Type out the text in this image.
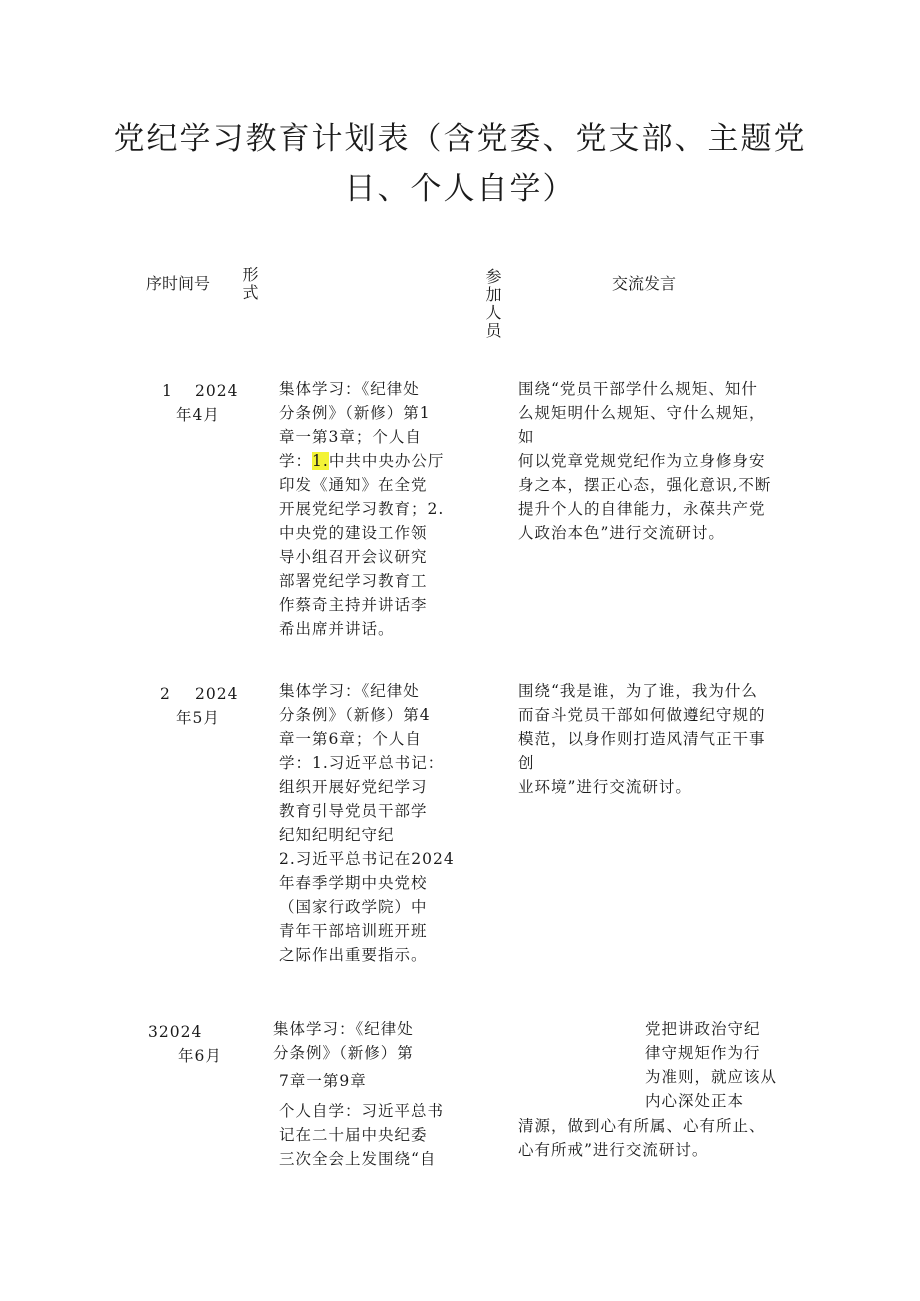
党纪学习教育计划表（含党委、党支部、主题党
日、个人自学）
序时间号 形式	参加人员	交流发言
1 2024
年4月
集体学习：《纪律处
分条例》（新修）第1
章一第3章；个人自
学：1.中共中央办公厅
印发《通知》在全党
开展党纪学习教育；2.
中央党的建设工作领
导小组召开会议研究
部署党纪学习教育工
作蔡奇主持并讲话李
希出席并讲话。
围绕“党员干部学什么规矩、知什
么规矩明什么规矩、守什么规矩，
如
何以党章党规党纪作为立身修身安
身之本，摆正心态，强化意识,不断
提升个人的自律能力，永葆共产党
人政治本色”进行交流研讨。
2 2024
年5月
集体学习：《纪律处
分条例》（新修）第4
章一第6章；个人自
学：1.习近平总书记：
组织开展好党纪学习
教育引导党员干部学
纪知纪明纪守纪
2.习近平总书记在2024
年春季学期中央党校
（国家行政学院）中
青年干部培训班开班
之际作出重要指示。
围绕“我是谁，为了谁，我为什么
而奋斗党员干部如何做遵纪守规的
模范，以身作则打造风清气正干事
创
业环境”进行交流研讨。
32024
年6月
集体学习：《纪律处
分条例》（新修）第
7章一第9章
个人自学：习近平总书
记在二十届中央纪委
三次全会上发围绕“自
党把讲政治守纪
律守规矩作为行
为准则，就应该从
内心深处正本
清源，做到心有所属、心有所止、
心有所戒”进行交流研讨。
